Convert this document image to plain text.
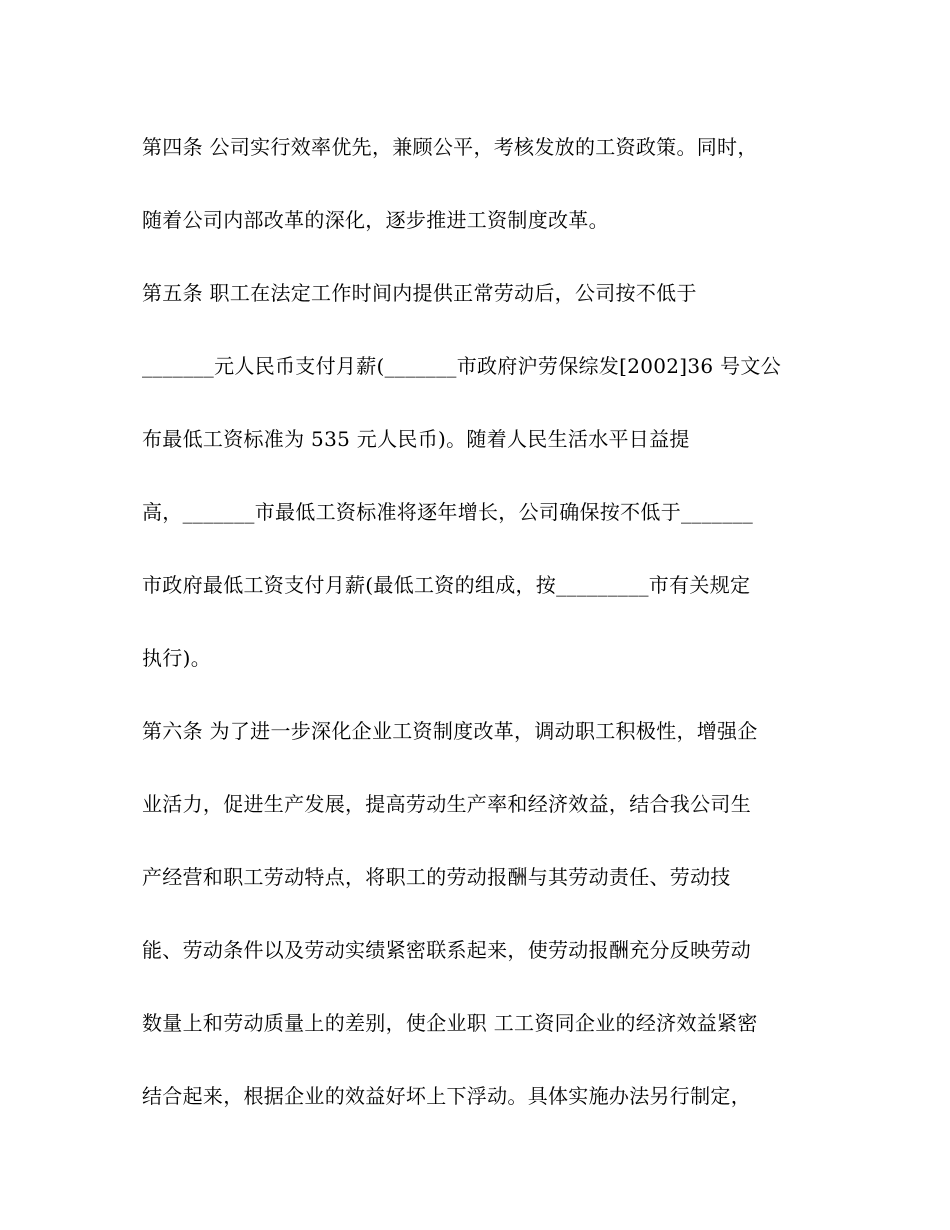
第四条 公司实行效率优先，兼顾公平，考核发放的工资政策。同时，
随着公司内部改革的深化，逐步推进工资制度改革。
第五条 职工在法定工作时间内提供正常劳动后，公司按不低于
_______元人民币支付月薪(_______市政府沪劳保综发[2002]36 号文公
布最低工资标准为 535 元人民币)。随着人民生活水平日益提
高，_______市最低工资标准将逐年增长，公司确保按不低于_______
市政府最低工资支付月薪(最低工资的组成，按_________市有关规定
执行)。
第六条 为了进一步深化企业工资制度改革，调动职工积极性，增强企
业活力，促进生产发展，提高劳动生产率和经济效益，结合我公司生
产经营和职工劳动特点，将职工的劳动报酬与其劳动责任、劳动技
能、劳动条件以及劳动实绩紧密联系起来，使劳动报酬充分反映劳动
数量上和劳动质量上的差别，使企业职 工工资同企业的经济效益紧密
结合起来，根据企业的效益好坏上下浮动。具体实施办法另行制定，
